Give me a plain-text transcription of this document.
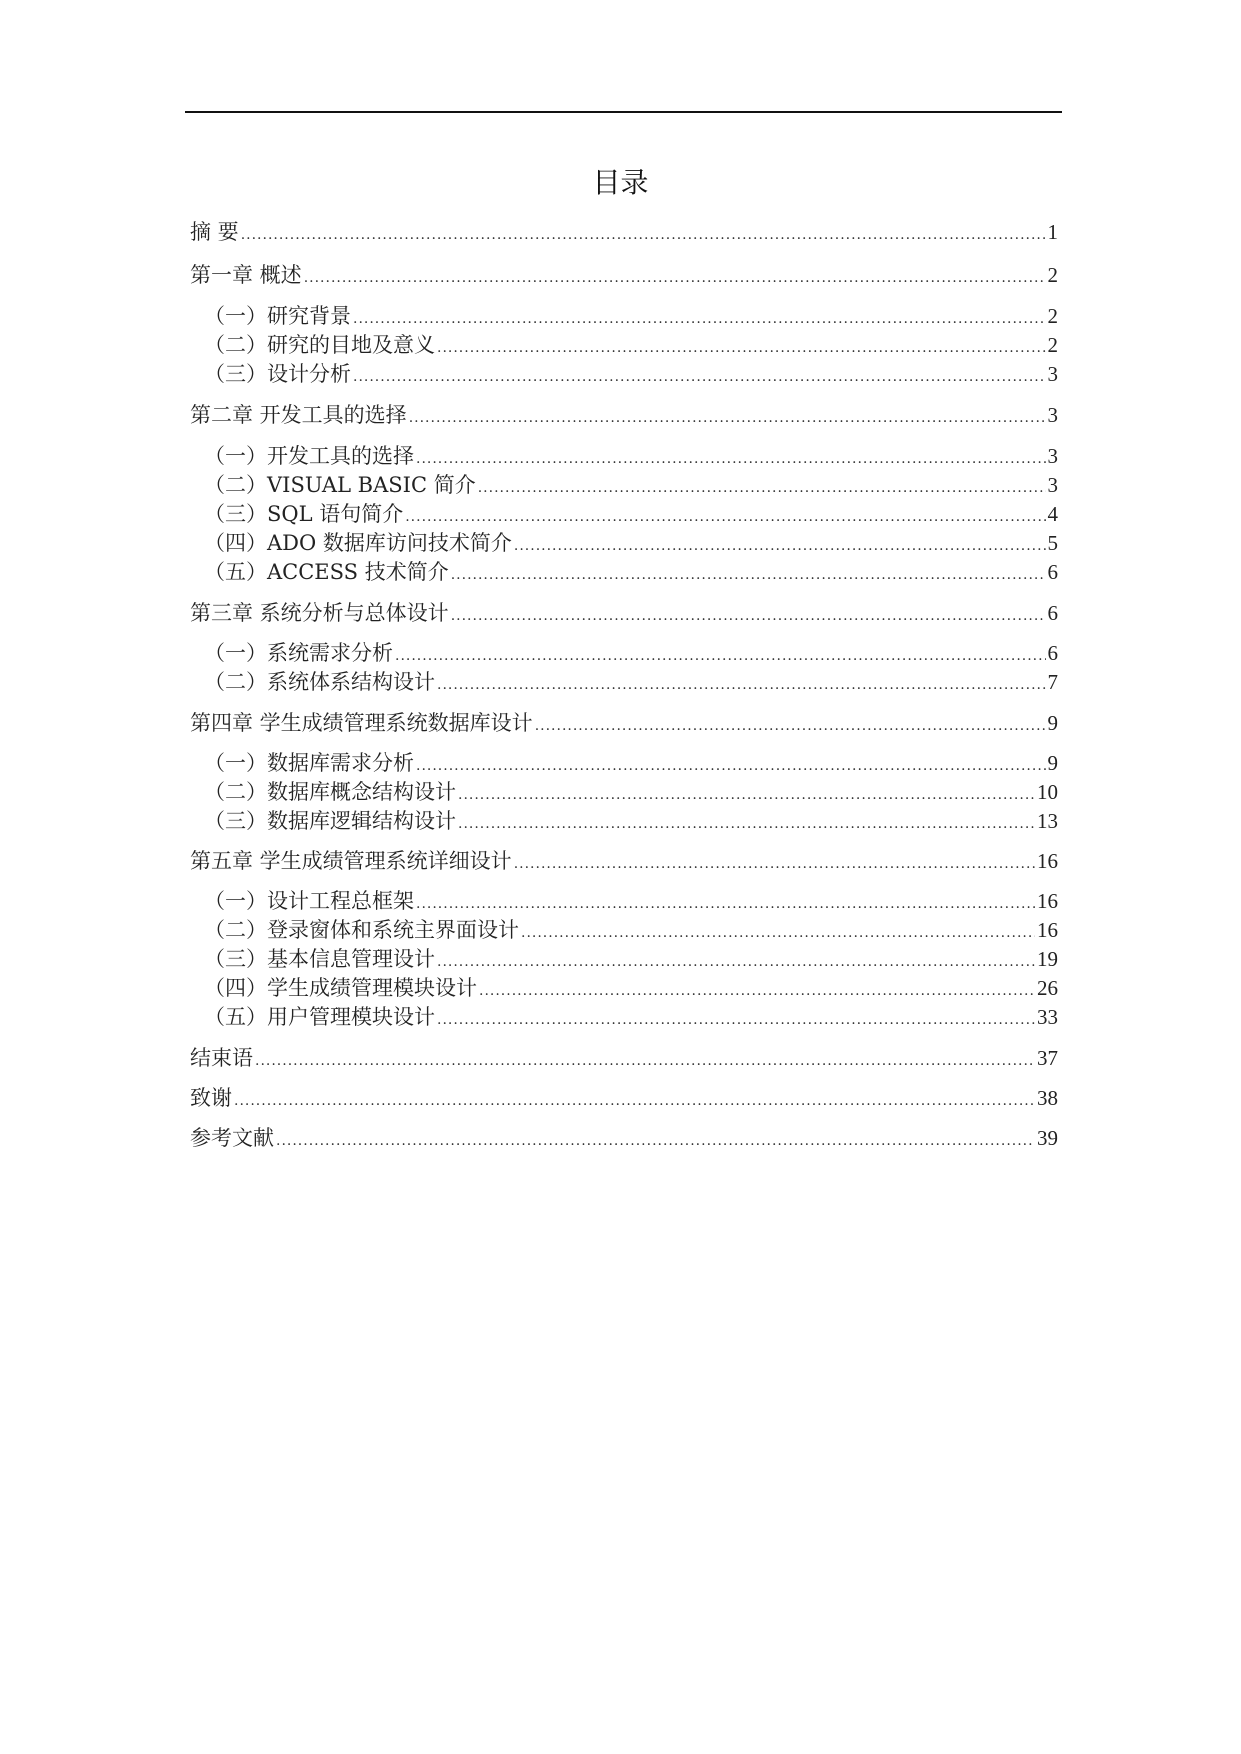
目录
摘 要 .....	1
第一章 概述 .....	2
（一）研究背景 .....	2
（二）研究的目地及意义 .....	2
（三）设计分析 .....	3
第二章 开发工具的选择 .....	3
（一）开发工具的选择 .....	3
（二）VISUAL BASIC 简介 .....	3
（三）SQL 语句简介 .....	4
（四）ADO 数据库访问技术简介 .....	5
（五）ACCESS 技术简介 .....	6
第三章 系统分析与总体设计 .....	6
（一）系统需求分析 .....	6
（二）系统体系结构设计 .....	7
第四章 学生成绩管理系统数据库设计 .....	9
（一）数据库需求分析 .....	9
（二）数据库概念结构设计 .....	10
（三）数据库逻辑结构设计 .....	13
第五章 学生成绩管理系统详细设计 .....	16
（一）设计工程总框架 .....	16
（二）登录窗体和系统主界面设计 .....	16
（三）基本信息管理设计 .....	19
（四）学生成绩管理模块设计 .....	26
（五）用户管理模块设计 .....	33
结束语 .....	37
致谢 .....	38
参考文献 .....	39
